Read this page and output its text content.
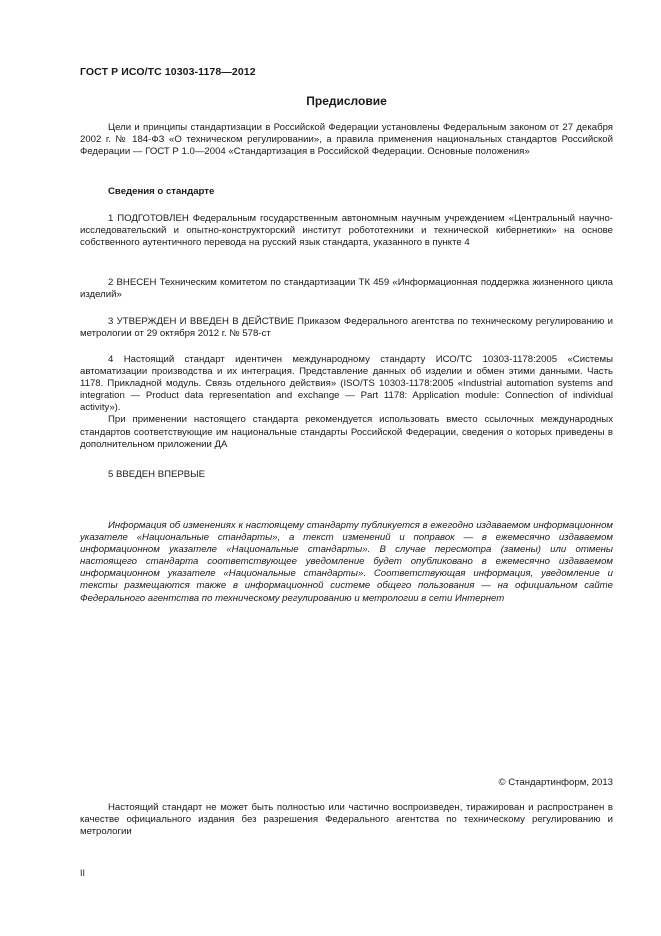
ГОСТ Р ИСО/ТС 10303-1178—2012
Предисловие

Цели и принципы стандартизации в Российской Федерации установлены Федеральным законом от 27 декабря 2002 г. № 184-ФЗ «О техническом регулировании», а правила применения национальных стандартов Российской Федерации — ГОСТ Р 1.0—2004 «Стандартизация в Российской Федерации. Основные положения»

Сведения о стандарте

1 ПОДГОТОВЛЕН Федеральным государственным автономным научным учреждением «Центральный научно-исследовательский и опытно-конструкторский институт робототехники и технической кибернетики» на основе собственного аутентичного перевода на русский язык стандарта, указанного в пункте 4

2 ВНЕСЕН Техническим комитетом по стандартизации ТК 459 «Информационная поддержка жизненного цикла изделий»

3 УТВЕРЖДЕН И ВВЕДЕН В ДЕЙСТВИЕ Приказом Федерального агентства по техническому регулированию и метрологии от 29 октября 2012 г. № 578-ст

4 Настоящий стандарт идентичен международному стандарту ИСО/ТС 10303-1178:2005 «Системы автоматизации производства и их интеграция. Представление данных об изделии и обмен этими данными. Часть 1178. Прикладной модуль. Связь отдельного действия» (ISO/TS 10303-1178:2005 «Industrial automation systems and integration — Product data representation and exchange — Part 1178: Application module: Connection of individual activity»).

При применении настоящего стандарта рекомендуется использовать вместо ссылочных международных стандартов соответствующие им национальные стандарты Российской Федерации, сведения о которых приведены в дополнительном приложении ДА

5 ВВЕДЕН ВПЕРВЫЕ

Информация об изменениях к настоящему стандарту публикуется в ежегодно издаваемом информационном указателе «Национальные стандарты», а текст изменений и поправок — в ежемесячно издаваемом информационном указателе «Национальные стандарты». В случае пересмотра (замены) или отмены настоящего стандарта соответствующее уведомление будет опубликовано в ежемесячно издаваемом информационном указателе «Национальные стандарты». Соответствующая информация, уведомление и тексты размещаются также в информационной системе общего пользования — на официальном сайте Федерального агентства по техническому регулированию и метрологии в сети Интернет

© Стандартинформ, 2013

Настоящий стандарт не может быть полностью или частично воспроизведен, тиражирован и распространен в качестве официального издания без разрешения Федерального агентства по техническому регулированию и метрологии

II
